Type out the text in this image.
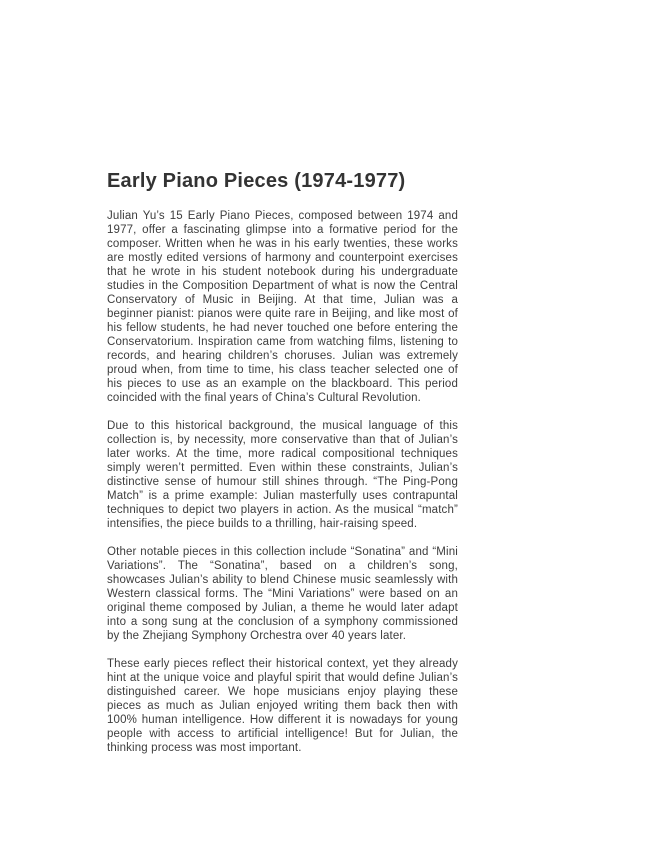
Early Piano Pieces (1974-1977)

Julian Yu’s 15 Early Piano Pieces, composed between 1974 and 1977, offer a fascinating glimpse into a formative period for the composer. Written when he was in his early twenties, these works are mostly edited versions of harmony and counterpoint exercises that he wrote in his student notebook during his undergraduate studies in the Composition Department of what is now the Central Conservatory of Music in Beijing. At that time, Julian was a beginner pianist: pianos were quite rare in Beijing, and like most of his fellow students, he had never touched one before entering the Conservatorium. Inspiration came from watching films, listening to records, and hearing children’s choruses. Julian was extremely proud when, from time to time, his class teacher selected one of his pieces to use as an example on the blackboard. This period coincided with the final years of China’s Cultural Revolution.

Due to this historical background, the musical language of this collection is, by necessity, more conservative than that of Julian’s later works. At the time, more radical compositional techniques simply weren’t permitted. Even within these constraints, Julian’s distinctive sense of humour still shines through. “The Ping-Pong Match” is a prime example: Julian masterfully uses contrapuntal techniques to depict two players in action. As the musical “match” intensifies, the piece builds to a thrilling, hair-raising speed.

Other notable pieces in this collection include “Sonatina” and “Mini Variations”. The “Sonatina”, based on a children’s song, showcases Julian’s ability to blend Chinese music seamlessly with Western classical forms. The “Mini Variations” were based on an original theme composed by Julian, a theme he would later adapt into a song sung at the conclusion of a symphony commissioned by the Zhejiang Symphony Orchestra over 40 years later.

These early pieces reflect their historical context, yet they already hint at the unique voice and playful spirit that would define Julian’s distinguished career. We hope musicians enjoy playing these pieces as much as Julian enjoyed writing them back then with 100% human intelligence. How different it is nowadays for young people with access to artificial intelligence! But for Julian, the thinking process was most important.
